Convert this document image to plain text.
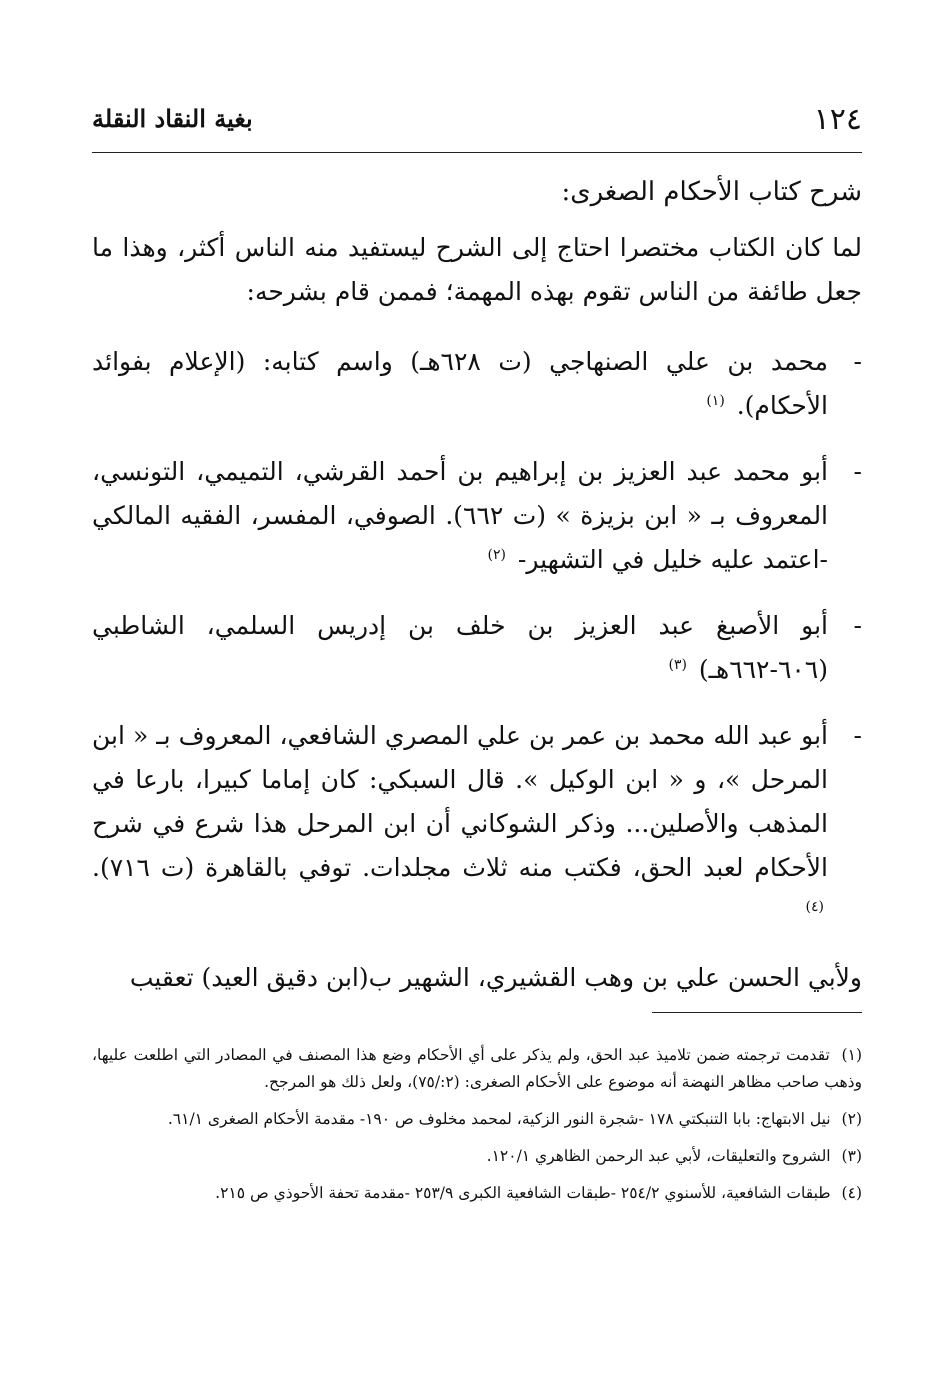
١٢٤
بغية النقاد النقلة

شرح كتاب الأحكام الصغرى:

لما كان الكتاب مختصرا احتاج إلى الشرح ليستفيد منه الناس أكثر، وهذا ما جعل طائفة من الناس تقوم بهذه المهمة؛ فممن قام بشرحه:

-
محمد بن علي الصنهاجي (ت ٦٢٨هـ) واسم كتابه: (الإعلام بفوائد الأحكام). $^{(١)}$
-
أبو محمد عبد العزيز بن إبراهيم بن أحمد القرشي، التميمي، التونسي، المعروف بـ « ابن بزيزة » (ت ٦٦٢). الصوفي، المفسر، الفقيه المالكي -اعتمد عليه خليل في التشهير- $^{(٢)}$
-
أبو الأصبغ عبد العزيز بن خلف بن إدريس السلمي، الشاطبي (٦٠٦-٦٦٢هـ) $^{(٣)}$
-
أبو عبد الله محمد بن عمر بن علي المصري الشافعي، المعروف بـ « ابن المرحل »، و « ابن الوكيل ». قال السبكي: كان إماما كبيرا، بارعا في المذهب والأصلين... وذكر الشوكاني أن ابن المرحل هذا شرع في شرح الأحكام لعبد الحق، فكتب منه ثلاث مجلدات. توفي بالقاهرة (ت ٧١٦). $^{(٤)}$

ولأبي الحسن علي بن وهب القشيري، الشهير ب(ابن دقيق العيد) تعقيب

(١) تقدمت ترجمته ضمن تلاميذ عبد الحق، ولم يذكر على أي الأحكام وضع هذا المصنف في المصادر التي اطلعت عليها، وذهب صاحب مظاهر النهضة أنه موضوع على الأحكام الصغرى: (٢:/٧٥)، ولعل ذلك هو المرجح.

(٢) نيل الابتهاج: بابا التنبكتي ١٧٨ -شجرة النور الزكية، لمحمد مخلوف ص ١٩٠- مقدمة الأحكام الصغرى ٦١/١.

(٣) الشروح والتعليقات، لأبي عبد الرحمن الظاهري ١٢٠/١.

(٤) طبقات الشافعية، للأسنوي ٢٥٤/٢ -طبقات الشافعية الكبرى ٢٥٣/٩ -مقدمة تحفة الأحوذي ص ٢١٥.
